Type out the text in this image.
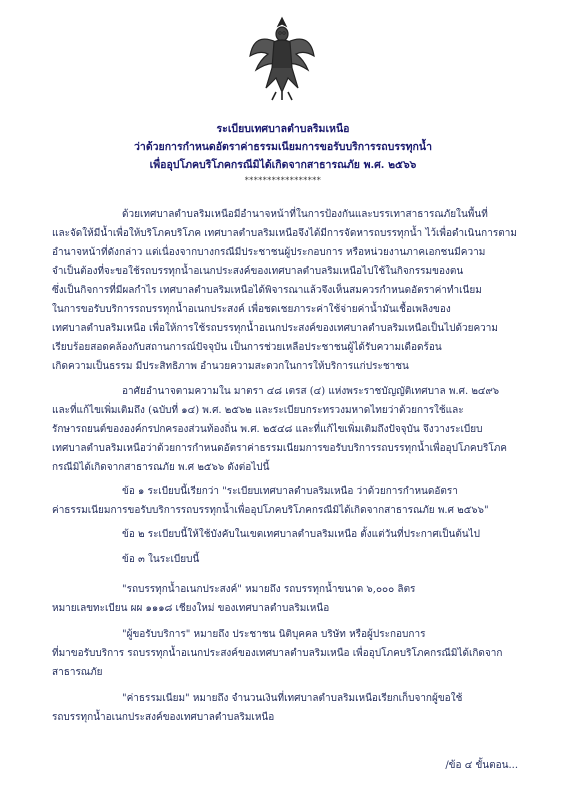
ระเบียบเทศบาลตำบลริมเหนือ
ว่าด้วยการกำหนดอัตราค่าธรรมเนียมการขอรับบริการรถบรรทุกน้ำ
เพื่ออุปโภคบริโภคกรณีมิได้เกิดจากสาธารณภัย พ.ศ. ๒๕๖๖
*****************
ด้วยเทศบาลตำบลริมเหนือมีอำนาจหน้าที่ในการป้องกันและบรรเทาสาธารณภัยในพื้นที่
และจัดให้มีน้ำเพื่อให้บริโภคบริโภค เทศบาลตำบลริมเหนือจึงได้มีการจัดหารถบรรทุกน้ำ ไว้เพื่อดำเนินการตาม
อำนาจหน้าที่ดังกล่าว แต่เนื่องจากบางกรณีมีประชาชนผู้ประกอบการ หรือหน่วยงานภาคเอกชนมีความ
จำเป็นต้องที่จะขอใช้รถบรรทุกน้ำอเนกประสงค์ของเทศบาลตำบลริมเหนือไปใช้ในกิจกรรมของตน
ซึ่งเป็นกิจการที่มีผลกำไร เทศบาลตำบลริมเหนือได้พิจารณาแล้วจึงเห็นสมควรกำหนดอัตราค่าทำเนียม
ในการขอรับบริการรถบรรทุกน้ำอเนกประสงค์ เพื่อชดเชยภาระค่าใช้จ่ายค่าน้ำมันเชื้อเพลิงของ
เทศบาลตำบลริมเหนือ เพื่อให้การใช้รถบรรทุกน้ำอเนกประสงค์ของเทศบาลตำบลริมเหนือเป็นไปด้วยความ
เรียบร้อยสอดคล้องกับสถานการณ์ปัจจุบัน เป็นการช่วยเหลือประชาชนผู้ได้รับความเดือดร้อน
เกิดความเป็นธรรม มีประสิทธิภาพ อำนวยความสะดวกในการให้บริการแก่ประชาชน
อาศัยอำนาจตามความใน มาตรา ๔๘ เตรส (๔) แห่งพระราชบัญญัติเทศบาล พ.ศ. ๒๔๙๖
และที่แก้ไขเพิ่มเติมถึง (ฉบับที่ ๑๔) พ.ศ. ๒๕๖๒ และระเบียบกระทรวงมหาดไทยว่าด้วยการใช้และ
รักษารถยนต์ขององค์กรปกครองส่วนท้องถิ่น พ.ศ. ๒๕๔๘ และที่แก้ไขเพิ่มเติมถึงปัจจุบัน จึงวางระเบียบ
เทศบาลตำบลริมเหนือว่าด้วยการกำหนดอัตราค่าธรรมเนียมการขอรับบริการรถบรรทุกน้ำเพื่ออุปโภคบริโภค
กรณีมิได้เกิดจากสาธารณภัย พ.ศ ๒๕๖๖ ดังต่อไปนี้
ข้อ ๑ ระเบียบนี้เรียกว่า "ระเบียบเทศบาลตำบลริมเหนือ ว่าด้วยการกำหนดอัตรา
ค่าธรรมเนียมการขอรับบริการรถบรรทุกน้ำเพื่ออุปโภคบริโภคกรณีมิได้เกิดจากสาธารณภัย พ.ศ ๒๕๖๖"
ข้อ ๒ ระเบียบนี้ให้ใช้บังคับในเขตเทศบาลตำบลริมเหนือ ตั้งแต่วันที่ประกาศเป็นต้นไป
ข้อ ๓ ในระเบียบนี้
"รถบรรทุกน้ำอเนกประสงค์" หมายถึง รถบรรทุกน้ำขนาด ๖,๐๐๐ ลิตร
หมายเลขทะเบียน ผผ ๑๑๑๘ เชียงใหม่ ของเทศบาลตำบลริมเหนือ
"ผู้ขอรับบริการ" หมายถึง ประชาชน นิติบุคคล บริษัท หรือผู้ประกอบการ
ที่มาขอรับบริการ รถบรรทุกน้ำอเนกประสงค์ของเทศบาลตำบลริมเหนือ เพื่ออุปโภคบริโภคกรณีมิได้เกิดจาก
สาธารณภัย
"ค่าธรรมเนียม" หมายถึง จำนวนเงินที่เทศบาลตำบลริมเหนือเรียกเก็บจากผู้ขอใช้
รถบรรทุกน้ำอเนกประสงค์ของเทศบาลตำบลริมเหนือ
/ข้อ ๔ ขั้นตอน...
